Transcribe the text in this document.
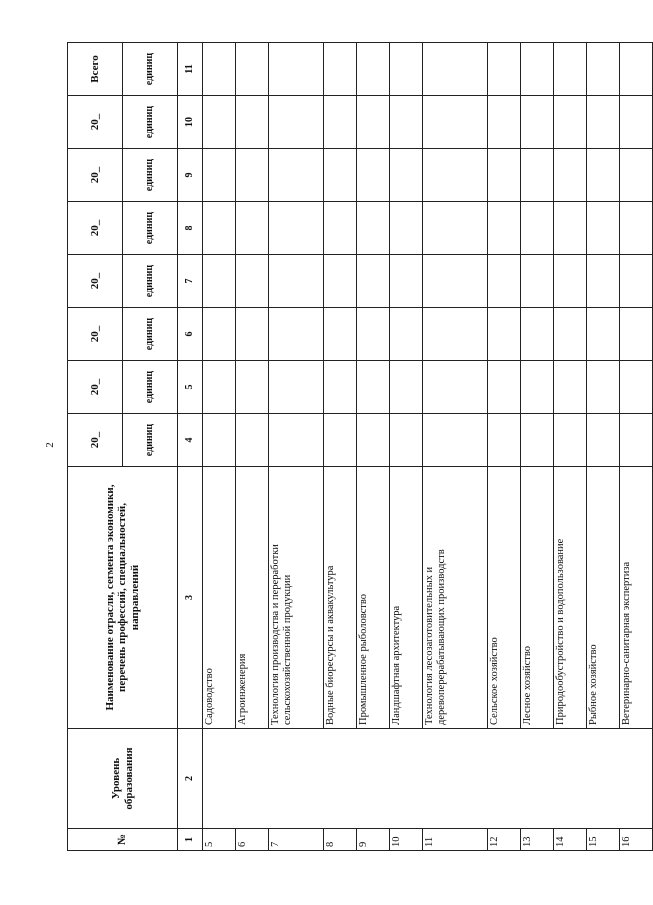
2
№	Уровень образования	Наименование отрасли, сегмента экономики, перечень профессий, специальностей, направлений	20_	20_	20_	20_	20_	20_	20_	Всего
			единиц	единиц	единиц	единиц	единиц	единиц	единиц	единиц
1	2	3	4	5	6	7	8	9	10	11
5		Садоводство								
6		Агроинженерия								
7		Технология производства и переработки сельскохозяйственной продукции								
8		Водные биоресурсы и аквакультура								
9		Промышленное рыболовство								
10		Ландшафтная архитектура								
11		Технология лесозаготовительных и деревоперерабатывающих производств								
12		Сельское хозяйство								
13		Лесное хозяйство								
14		Природообустройство и водопользование								
15		Рыбное хозяйство								
16		Ветеринарно-санитарная экспертиза								
